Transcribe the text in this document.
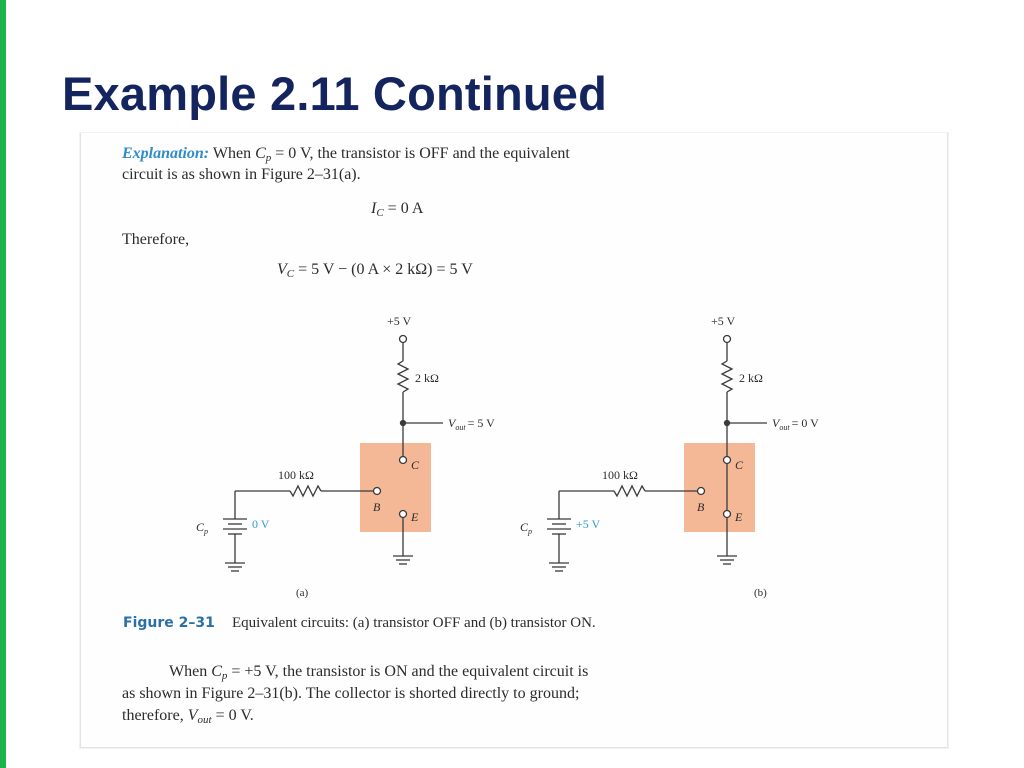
Example 2.11 Continued
Explanation: When $C_p = 0$ V, the transistor is OFF and the equivalent
circuit is as shown in Figure 2–31(a).
$I_C = 0$ A
Therefore,
$V_C = 5$ V − (0 A × 2 kΩ) = 5 V
+5 V
2 kΩ
$V_{out} = 5$ V
C
B
E
100 kΩ
$C_p$
0 V
(a)
+5 V
2 kΩ
$V_{out} = 0$ V
C
B
E
100 kΩ
$C_p$
+5 V
(b)
Figure 2–31 Equivalent circuits: (a) transistor OFF and (b) transistor ON.
When $C_p = +5$ V, the transistor is ON and the equivalent circuit is
as shown in Figure 2–31(b). The collector is shorted directly to ground;
therefore, $V_{out} = 0$ V.
